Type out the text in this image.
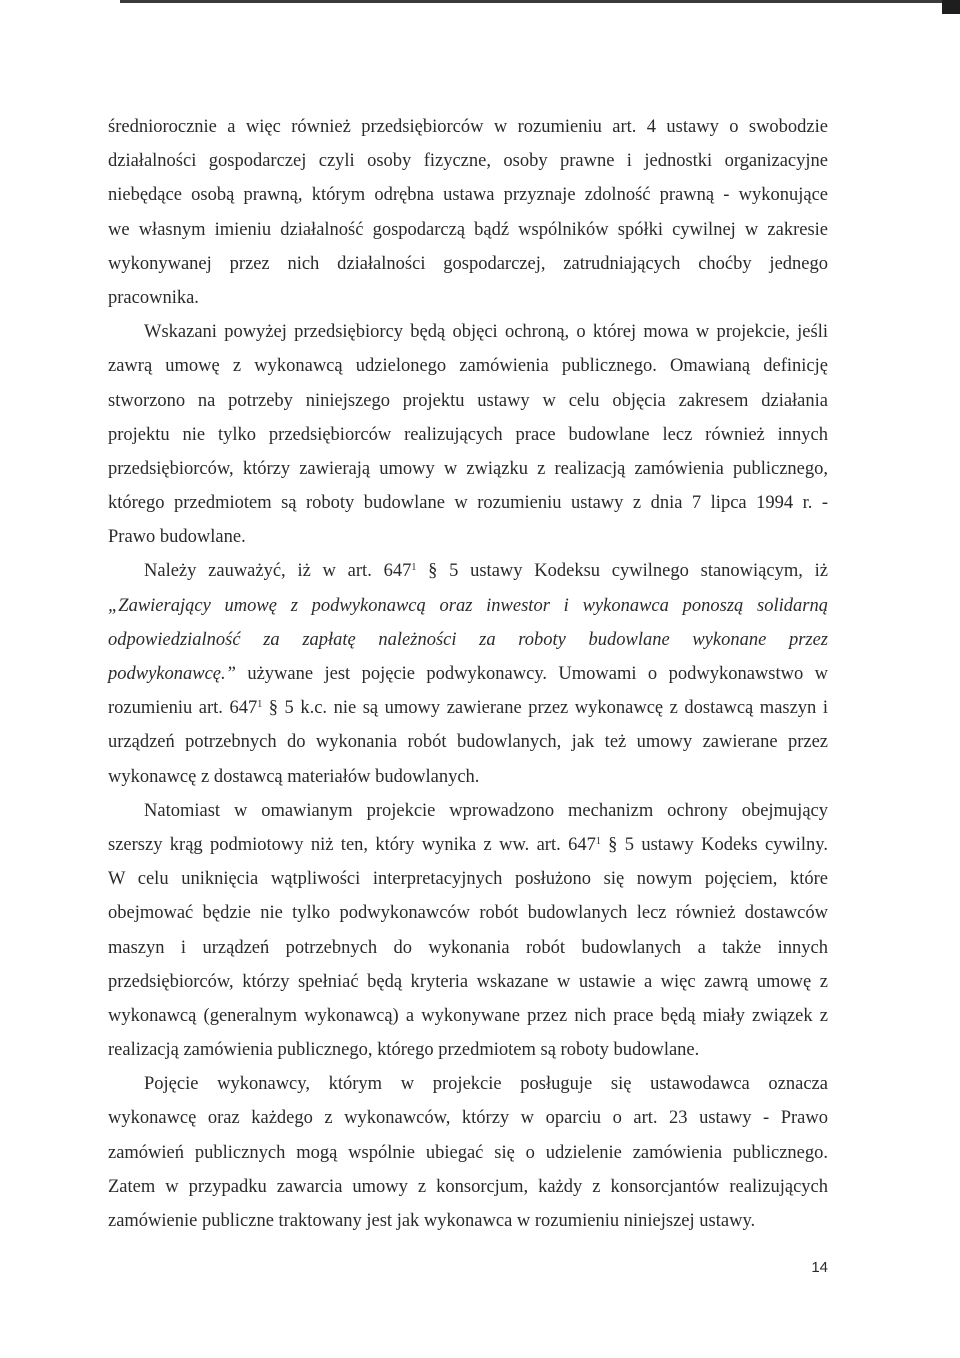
średniorocznie a więc również przedsiębiorców w rozumieniu art. 4 ustawy o swobodzie
działalności gospodarczej czyli osoby fizyczne, osoby prawne i jednostki organizacyjne
niebędące osobą prawną, którym odrębna ustawa przyznaje zdolność prawną - wykonujące
we własnym imieniu działalność gospodarczą bądź wspólników spółki cywilnej w zakresie
wykonywanej przez nich działalności gospodarczej, zatrudniających choćby jednego
pracownika.
Wskazani powyżej przedsiębiorcy będą objęci ochroną, o której mowa w projekcie, jeśli
zawrą umowę z wykonawcą udzielonego zamówienia publicznego. Omawianą definicję
stworzono na potrzeby niniejszego projektu ustawy w celu objęcia zakresem działania
projektu nie tylko przedsiębiorców realizujących prace budowlane lecz również innych
przedsiębiorców, którzy zawierają umowy w związku z realizacją zamówienia publicznego,
którego przedmiotem są roboty budowlane w rozumieniu ustawy z dnia 7 lipca 1994 r. -
Prawo budowlane.
Należy zauważyć, iż w art. $647^1$ § 5 ustawy Kodeksu cywilnego stanowiącym, iż
„Zawierający umowę z podwykonawcą oraz inwestor i wykonawca ponoszą solidarną
odpowiedzialność za zapłatę należności za roboty budowlane wykonane przez
podwykonawcę.” używane jest pojęcie podwykonawcy. Umowami o podwykonawstwo w
rozumieniu art. $647^1$ § 5 k.c. nie są umowy zawierane przez wykonawcę z dostawcą maszyn i
urządzeń potrzebnych do wykonania robót budowlanych, jak też umowy zawierane przez
wykonawcę z dostawcą materiałów budowlanych.
Natomiast w omawianym projekcie wprowadzono mechanizm ochrony obejmujący
szerszy krąg podmiotowy niż ten, który wynika z ww. art. $647^1$ § 5 ustawy Kodeks cywilny.
W celu uniknięcia wątpliwości interpretacyjnych posłużono się nowym pojęciem, które
obejmować będzie nie tylko podwykonawców robót budowlanych lecz również dostawców
maszyn i urządzeń potrzebnych do wykonania robót budowlanych a także innych
przedsiębiorców, którzy spełniać będą kryteria wskazane w ustawie a więc zawrą umowę z
wykonawcą (generalnym wykonawcą) a wykonywane przez nich prace będą miały związek z
realizacją zamówienia publicznego, którego przedmiotem są roboty budowlane.
Pojęcie wykonawcy, którym w projekcie posługuje się ustawodawca oznacza
wykonawcę oraz każdego z wykonawców, którzy w oparciu o art. 23 ustawy - Prawo
zamówień publicznych mogą wspólnie ubiegać się o udzielenie zamówienia publicznego.
Zatem w przypadku zawarcia umowy z konsorcjum, każdy z konsorcjantów realizujących
zamówienie publiczne traktowany jest jak wykonawca w rozumieniu niniejszej ustawy.
14
